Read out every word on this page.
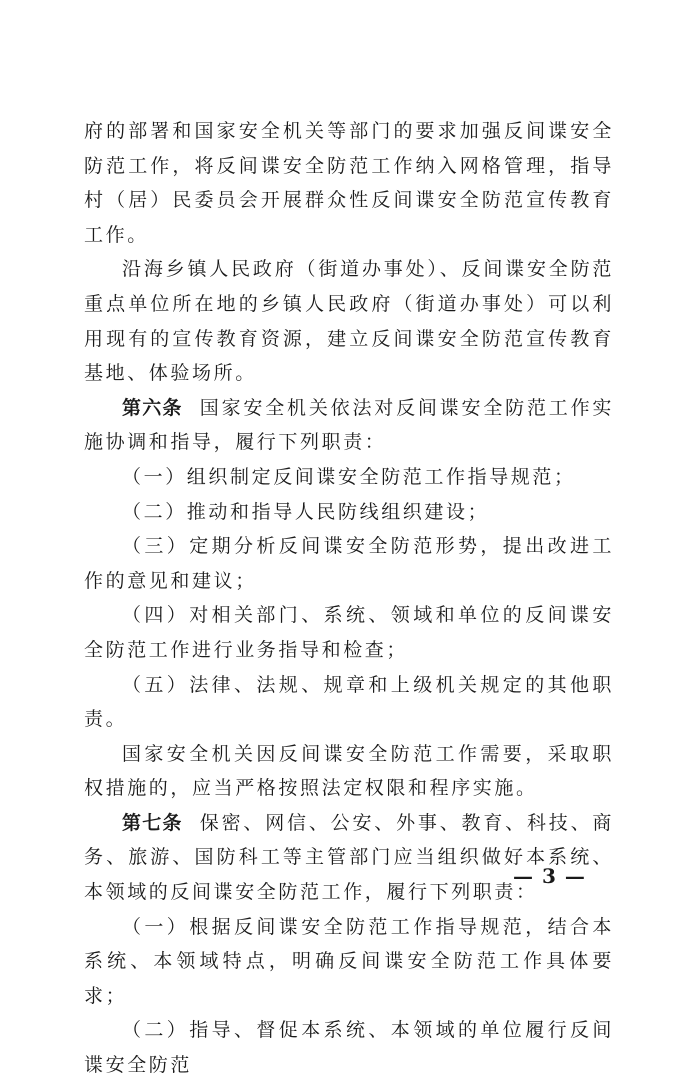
府的部署和国家安全机关等部门的要求加强反间谍安全防范工作，将反间谍安全防范工作纳入网格管理，指导村（居）民委员会开展群众性反间谍安全防范宣传教育工作。

沿海乡镇人民政府（街道办事处）、反间谍安全防范重点单位所在地的乡镇人民政府（街道办事处）可以利用现有的宣传教育资源，建立反间谍安全防范宣传教育基地、体验场所。

第六条 国家安全机关依法对反间谍安全防范工作实施协调和指导，履行下列职责：

（一）组织制定反间谍安全防范工作指导规范；

（二）推动和指导人民防线组织建设；

（三）定期分析反间谍安全防范形势，提出改进工作的意见和建议；

（四）对相关部门、系统、领域和单位的反间谍安全防范工作进行业务指导和检查；

（五）法律、法规、规章和上级机关规定的其他职责。

国家安全机关因反间谍安全防范工作需要，采取职权措施的，应当严格按照法定权限和程序实施。

第七条 保密、网信、公安、外事、教育、科技、商务、旅游、国防科工等主管部门应当组织做好本系统、本领域的反间谍安全防范工作，履行下列职责：

（一）根据反间谍安全防范工作指导规范，结合本系统、本领域特点，明确反间谍安全防范工作具体要求；

（二）指导、督促本系统、本领域的单位履行反间谍安全防范

— 3 —
